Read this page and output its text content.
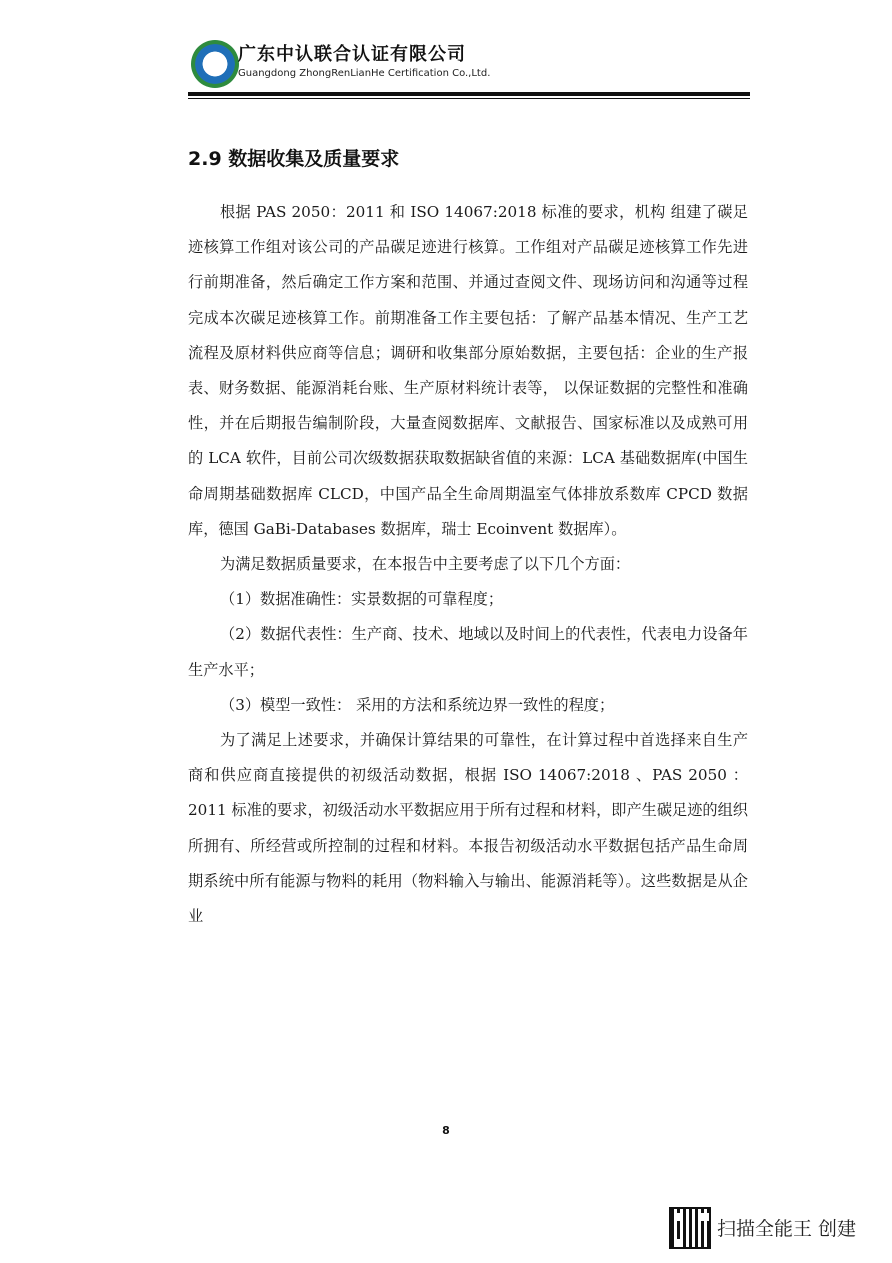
✚ 广东中认联合认证有限公司
Guangdong ZhongRenLianHe Certification Co.,Ltd.
2.9 数据收集及质量要求

根据 PAS 2050：2011 和 ISO 14067:2018 标准的要求，机构 组建了碳足迹核算工作组对该公司的产品碳足迹进行核算。工作组对产品碳足迹核算工作先进行前期准备，然后确定工作方案和范围、并通过查阅文件、现场访问和沟通等过程完成本次碳足迹核算工作。前期准备工作主要包括：了解产品基本情况、生产工艺流程及原材料供应商等信息；调研和收集部分原始数据，主要包括：企业的生产报表、财务数据、能源消耗台账、生产原材料统计表等， 以保证数据的完整性和准确性，并在后期报告编制阶段，大量查阅数据库、文献报告、国家标准以及成熟可用的 LCA 软件，目前公司次级数据获取数据缺省值的来源：LCA 基础数据库(中国生命周期基础数据库 CLCD，中国产品全生命周期温室气体排放系数库 CPCD 数据库，德国 GaBi-Databases 数据库，瑞士 Ecoinvent 数据库）。

为满足数据质量要求，在本报告中主要考虑了以下几个方面：

（1）数据准确性：实景数据的可靠程度；

（2）数据代表性：生产商、技术、地域以及时间上的代表性，代表电力设备年生产水平；

（3）模型一致性： 采用的方法和系统边界一致性的程度；

为了满足上述要求，并确保计算结果的可靠性，在计算过程中首选择来自生产商和供应商直接提供的初级活动数据，根据 ISO 14067:2018 、PAS 2050 ：2011 标准的要求，初级活动水平数据应用于所有过程和材料，即产生碳足迹的组织所拥有、所经营或所控制的过程和材料。本报告初级活动水平数据包括产品生命周期系统中所有能源与物料的耗用（物料输入与输出、能源消耗等）。这些数据是从企业

8
扫描全能王 创建
